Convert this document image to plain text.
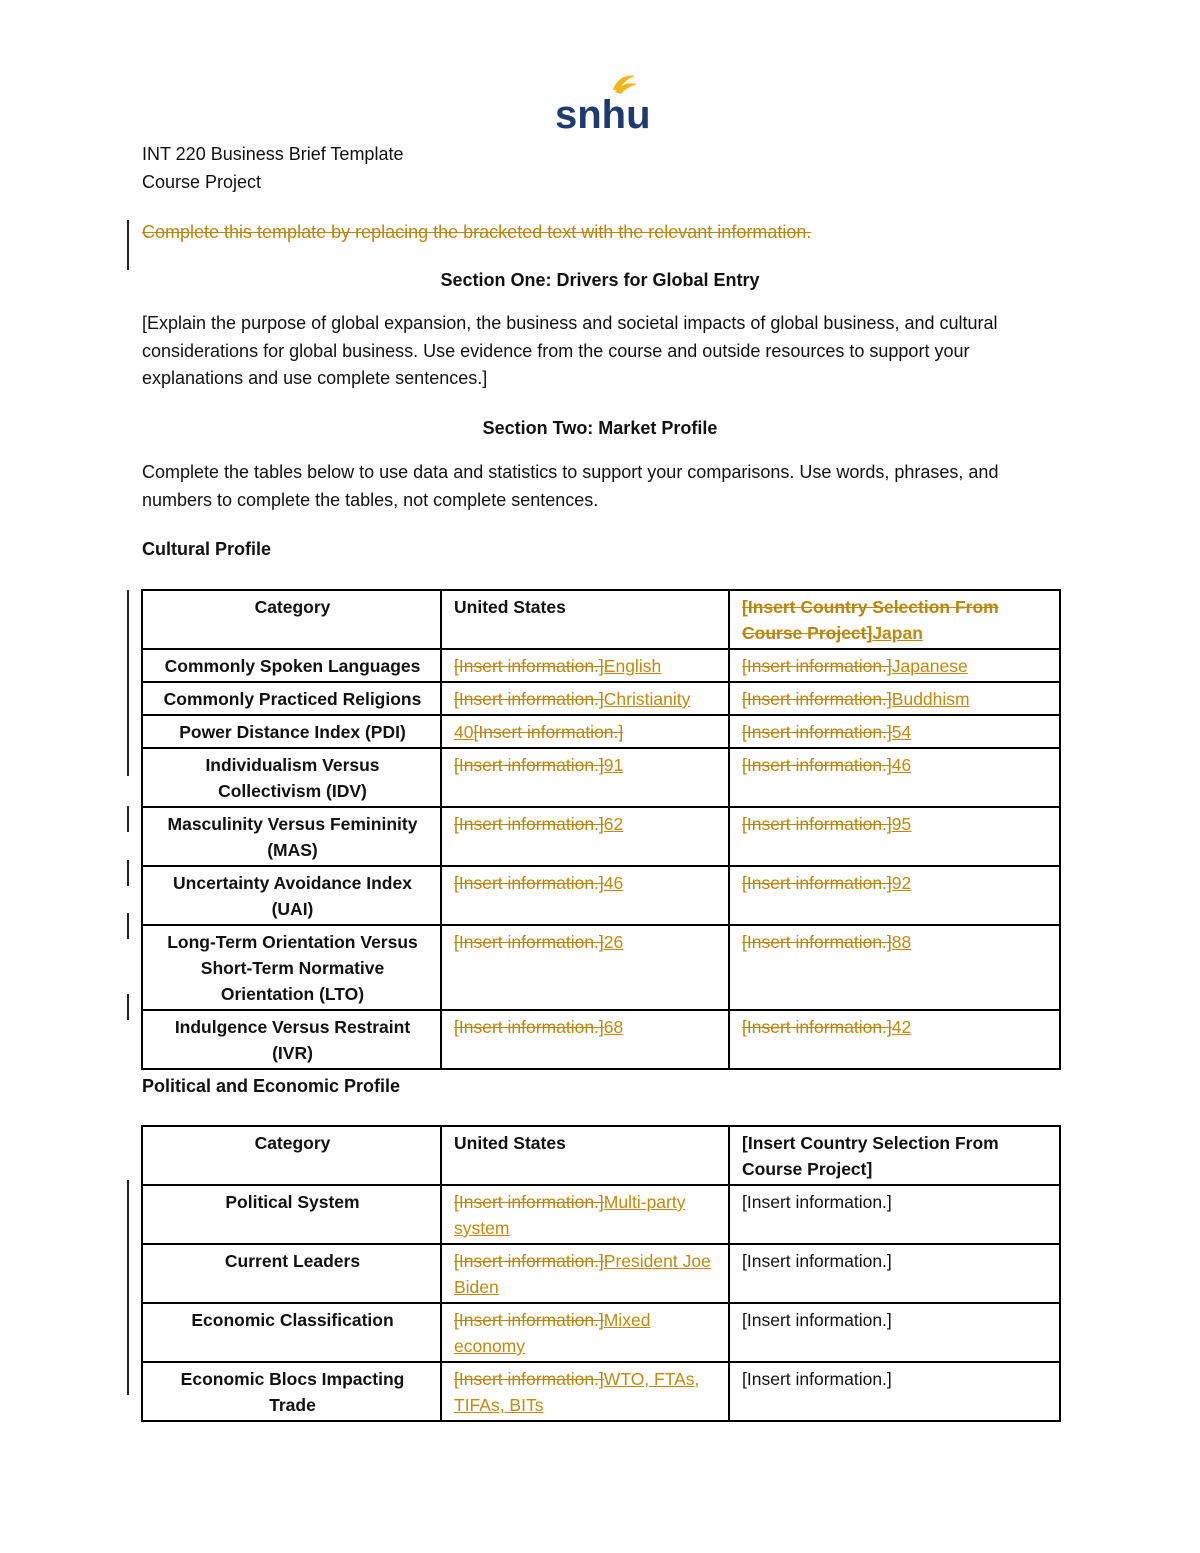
snhu
INT 220 Business Brief Template
Course Project
Complete this template by replacing the bracketed text with the relevant information.
Section One: Drivers for Global Entry
[Explain the purpose of global expansion, the business and societal impacts of global business, and cultural considerations for global business. Use evidence from the course and outside resources to support your explanations and use complete sentences.]
Section Two: Market Profile
Complete the tables below to use data and statistics to support your comparisons. Use words, phrases, and numbers to complete the tables, not complete sentences.
Cultural Profile
Category	United States	[Insert Country Selection From Course Project]Japan
Commonly Spoken Languages	[Insert information.]English	[Insert information.]Japanese
Commonly Practiced Religions	[Insert information.]Christianity	[Insert information.]Buddhism
Power Distance Index (PDI)	40[Insert information.]	[Insert information.]54
Individualism Versus Collectivism (IDV)	[Insert information.]91	[Insert information.]46
Masculinity Versus Femininity (MAS)	[Insert information.]62	[Insert information.]95
Uncertainty Avoidance Index (UAI)	[Insert information.]46	[Insert information.]92
Long-Term Orientation Versus Short-Term Normative Orientation (LTO)	[Insert information.]26	[Insert information.]88
Indulgence Versus Restraint (IVR)	[Insert information.]68	[Insert information.]42
Political and Economic Profile
Category	United States	[Insert Country Selection From Course Project]
Political System	[Insert information.]Multi-party system	[Insert information.]
Current Leaders	[Insert information.]President Joe Biden	[Insert information.]
Economic Classification	[Insert information.]Mixed economy	[Insert information.]
Economic Blocs Impacting Trade	[Insert information.]WTO, FTAs, TIFAs, BITs	[Insert information.]
